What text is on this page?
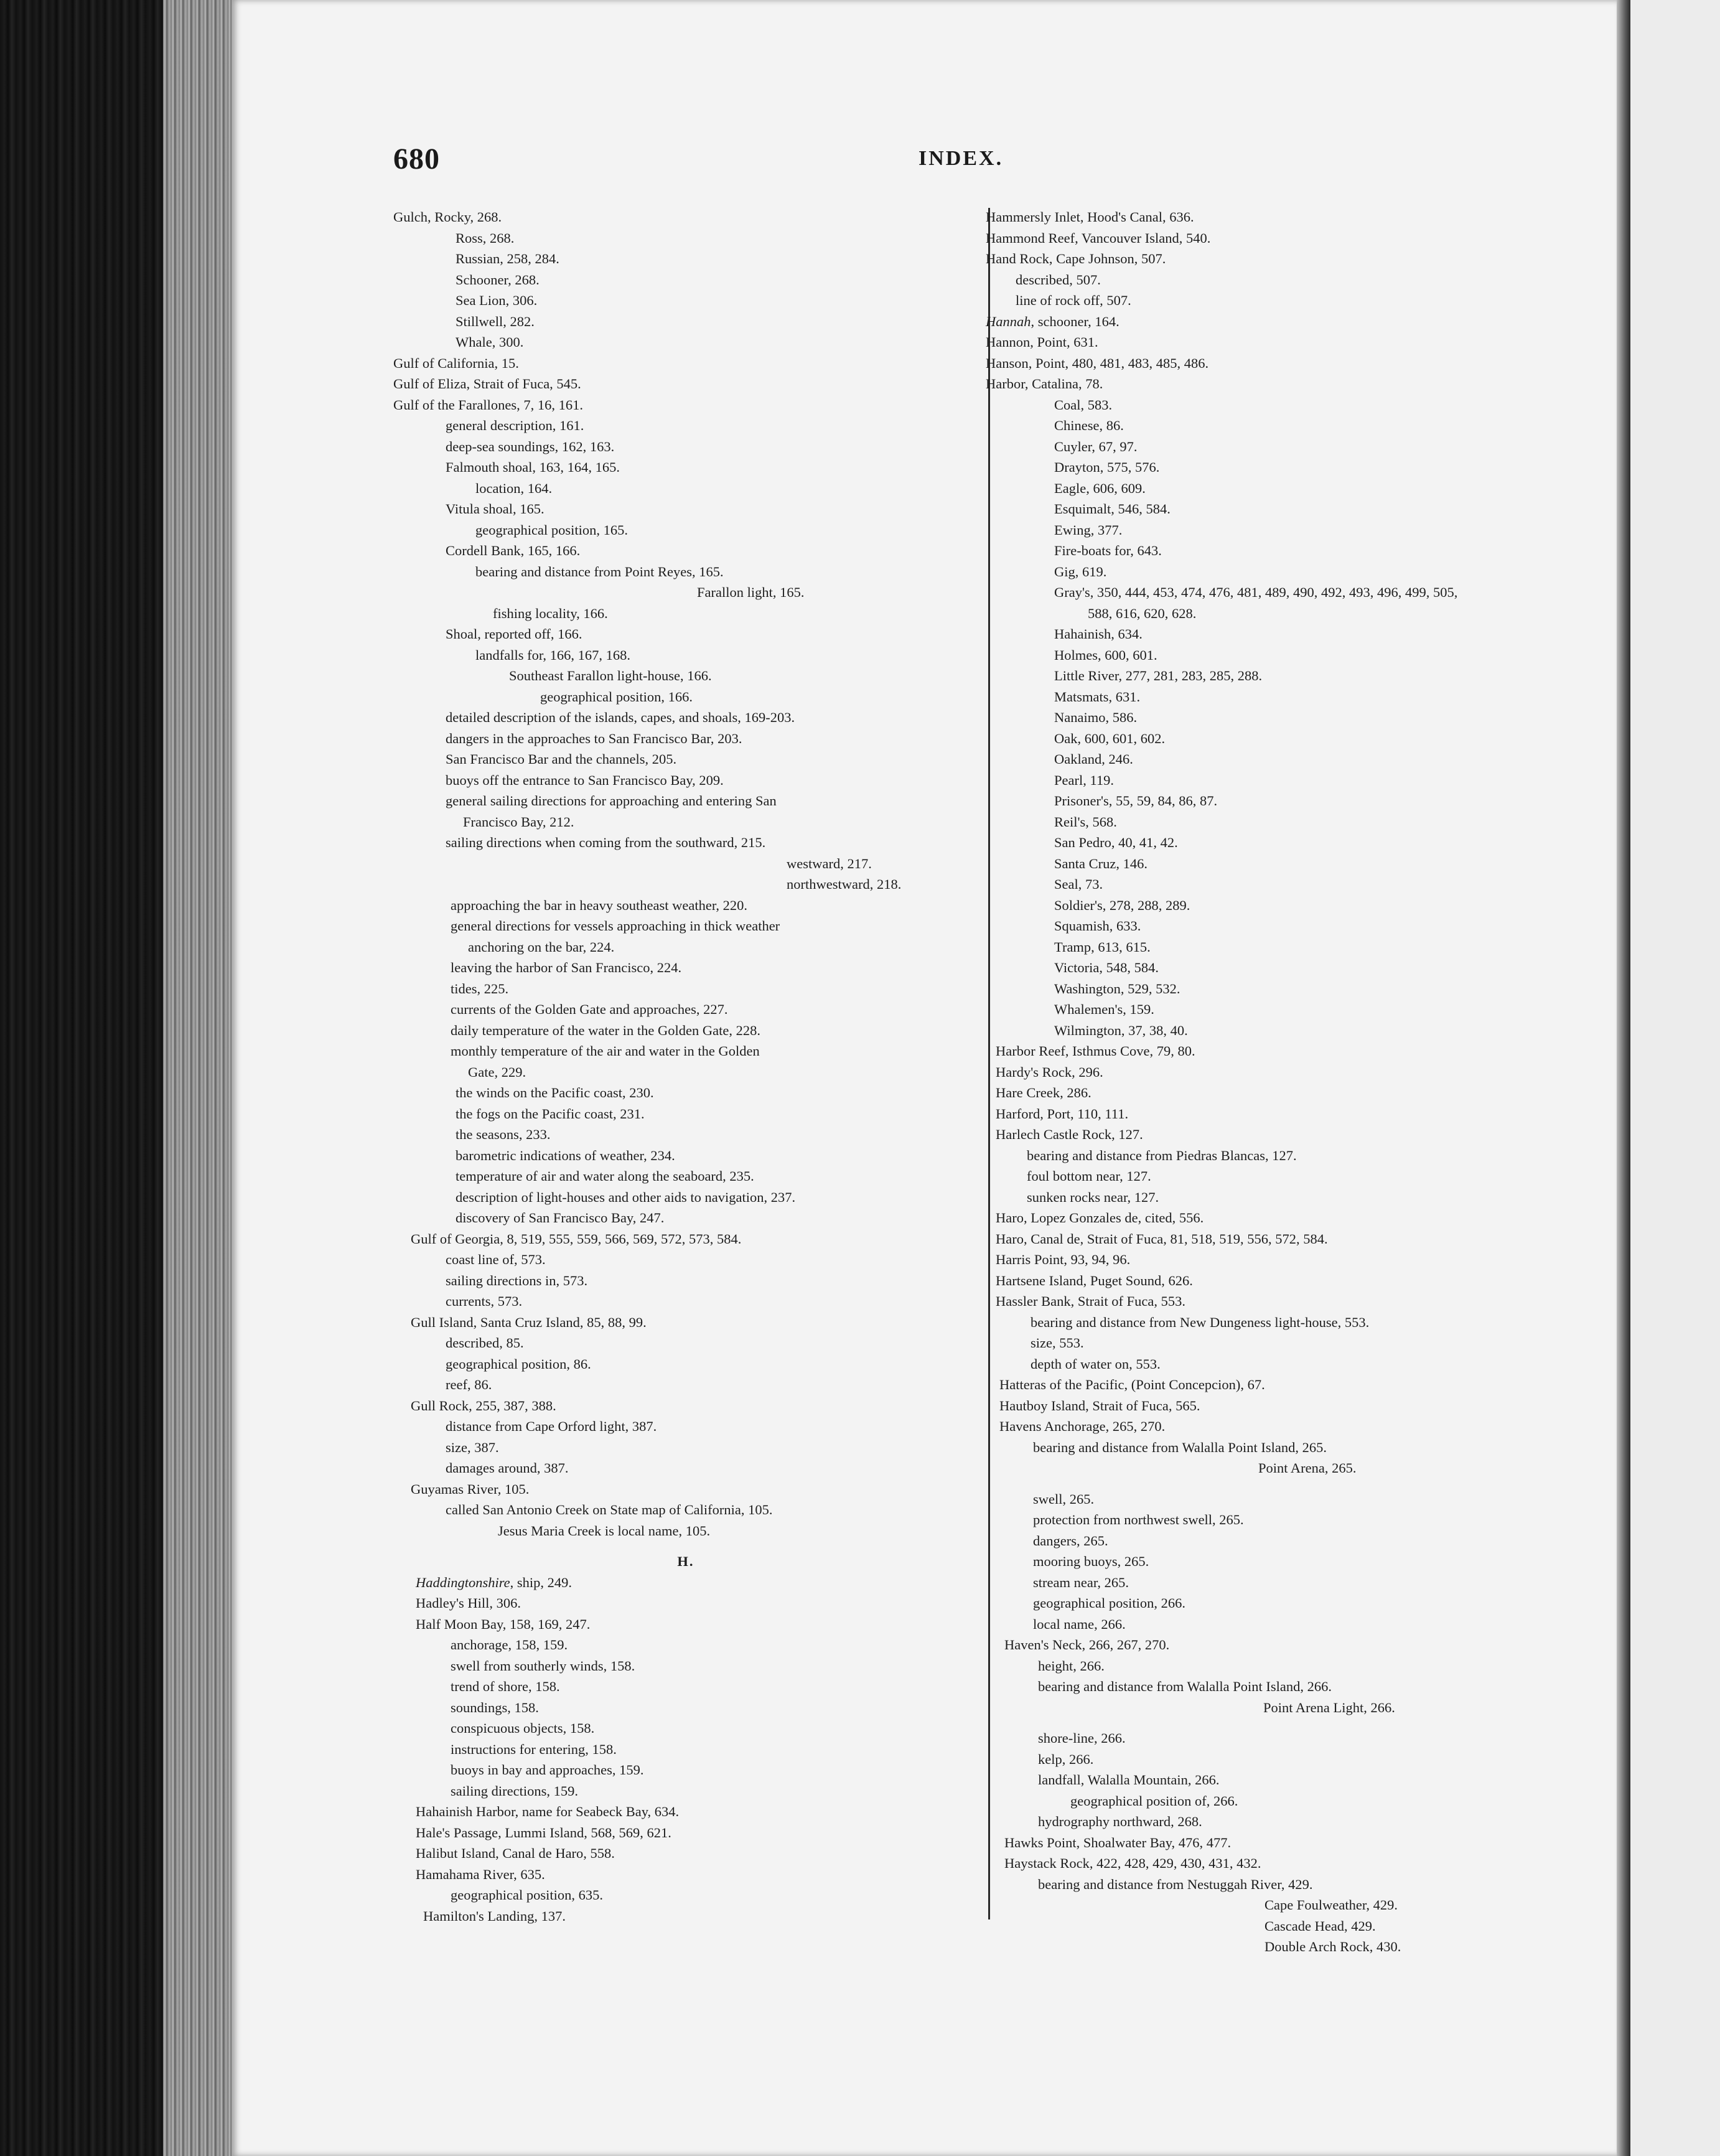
680	INDEX.
Gulch, Rocky, 268.
Ross, 268.
Russian, 258, 284.
Schooner, 268.
Sea Lion, 306.
Stillwell, 282.
Whale, 300.
Gulf of California, 15.
Gulf of Eliza, Strait of Fuca, 545.
Gulf of the Farallones, 7, 16, 161.
general description, 161.
deep-sea soundings, 162, 163.
Falmouth shoal, 163, 164, 165.
location, 164.
Vitula shoal, 165.
geographical position, 165.
Cordell Bank, 165, 166.
bearing and distance from Point Reyes, 165.
Farallon light, 165.
fishing locality, 166.
Shoal, reported off, 166.
landfalls for, 166, 167, 168.
Southeast Farallon light-house, 166.
geographical position, 166.
detailed description of the islands, capes, and shoals, 169-203.
dangers in the approaches to San Francisco Bar, 203.
San Francisco Bar and the channels, 205.
buoys off the entrance to San Francisco Bay, 209.
general sailing directions for approaching and entering San
Francisco Bay, 212.
sailing directions when coming from the southward, 215.
westward, 217.
northwestward, 218.
approaching the bar in heavy southeast weather, 220.
general directions for vessels approaching in thick weather
anchoring on the bar, 224.
leaving the harbor of San Francisco, 224.
tides, 225.
currents of the Golden Gate and approaches, 227.
daily temperature of the water in the Golden Gate, 228.
monthly temperature of the air and water in the Golden
Gate, 229.
the winds on the Pacific coast, 230.
the fogs on the Pacific coast, 231.
the seasons, 233.
barometric indications of weather, 234.
temperature of air and water along the seaboard, 235.
description of light-houses and other aids to navigation, 237.
discovery of San Francisco Bay, 247.
Gulf of Georgia, 8, 519, 555, 559, 566, 569, 572, 573, 584.
coast line of, 573.
sailing directions in, 573.
currents, 573.
Gull Island, Santa Cruz Island, 85, 88, 99.
described, 85.
geographical position, 86.
reef, 86.
Gull Rock, 255, 387, 388.
distance from Cape Orford light, 387.
size, 387.
damages around, 387.
Guyamas River, 105.
called San Antonio Creek on State map of California, 105.
Jesus Maria Creek is local name, 105.
H.
Haddingtonshire, ship, 249.
Hadley's Hill, 306.
Half Moon Bay, 158, 169, 247.
anchorage, 158, 159.
swell from southerly winds, 158.
trend of shore, 158.
soundings, 158.
conspicuous objects, 158.
instructions for entering, 158.
buoys in bay and approaches, 159.
sailing directions, 159.
Hahainish Harbor, name for Seabeck Bay, 634.
Hale's Passage, Lummi Island, 568, 569, 621.
Halibut Island, Canal de Haro, 558.
Hamahama River, 635.
geographical position, 635.
Hamilton's Landing, 137.
Hammersly Inlet, Hood's Canal, 636.
Hammond Reef, Vancouver Island, 540.
Hand Rock, Cape Johnson, 507.
described, 507.
line of rock off, 507.
Hannah, schooner, 164.
Hannon, Point, 631.
Hanson, Point, 480, 481, 483, 485, 486.
Harbor, Catalina, 78.
Coal, 583.
Chinese, 86.
Cuyler, 67, 97.
Drayton, 575, 576.
Eagle, 606, 609.
Esquimalt, 546, 584.
Ewing, 377.
Fire-boats for, 643.
Gig, 619.
Gray's, 350, 444, 453, 474, 476, 481, 489, 490, 492, 493, 496, 499, 505,
588, 616, 620, 628.
Hahainish, 634.
Holmes, 600, 601.
Little River, 277, 281, 283, 285, 288.
Matsmats, 631.
Nanaimo, 586.
Oak, 600, 601, 602.
Oakland, 246.
Pearl, 119.
Prisoner's, 55, 59, 84, 86, 87.
Reil's, 568.
San Pedro, 40, 41, 42.
Santa Cruz, 146.
Seal, 73.
Soldier's, 278, 288, 289.
Squamish, 633.
Tramp, 613, 615.
Victoria, 548, 584.
Washington, 529, 532.
Whalemen's, 159.
Wilmington, 37, 38, 40.
Harbor Reef, Isthmus Cove, 79, 80.
Hardy's Rock, 296.
Hare Creek, 286.
Harford, Port, 110, 111.
Harlech Castle Rock, 127.
bearing and distance from Piedras Blancas, 127.
foul bottom near, 127.
sunken rocks near, 127.
Haro, Lopez Gonzales de, cited, 556.
Haro, Canal de, Strait of Fuca, 81, 518, 519, 556, 572, 584.
Harris Point, 93, 94, 96.
Hartsene Island, Puget Sound, 626.
Hassler Bank, Strait of Fuca, 553.
bearing and distance from New Dungeness light-house, 553.
size, 553.
depth of water on, 553.
Hatteras of the Pacific, (Point Concepcion), 67.
Hautboy Island, Strait of Fuca, 565.
Havens Anchorage, 265, 270.
bearing and distance from Walalla Point Island, 265.
Point Arena, 265.
swell, 265.
protection from northwest swell, 265.
dangers, 265.
mooring buoys, 265.
stream near, 265.
geographical position, 266.
local name, 266.
Haven's Neck, 266, 267, 270.
height, 266.
bearing and distance from Walalla Point Island, 266.
Point Arena Light, 266.
shore-line, 266.
kelp, 266.
landfall, Walalla Mountain, 266.
geographical position of, 266.
hydrography northward, 268.
Hawks Point, Shoalwater Bay, 476, 477.
Haystack Rock, 422, 428, 429, 430, 431, 432.
bearing and distance from Nestuggah River, 429.
Cape Foulweather, 429.
Cascade Head, 429.
Double Arch Rock, 430.
